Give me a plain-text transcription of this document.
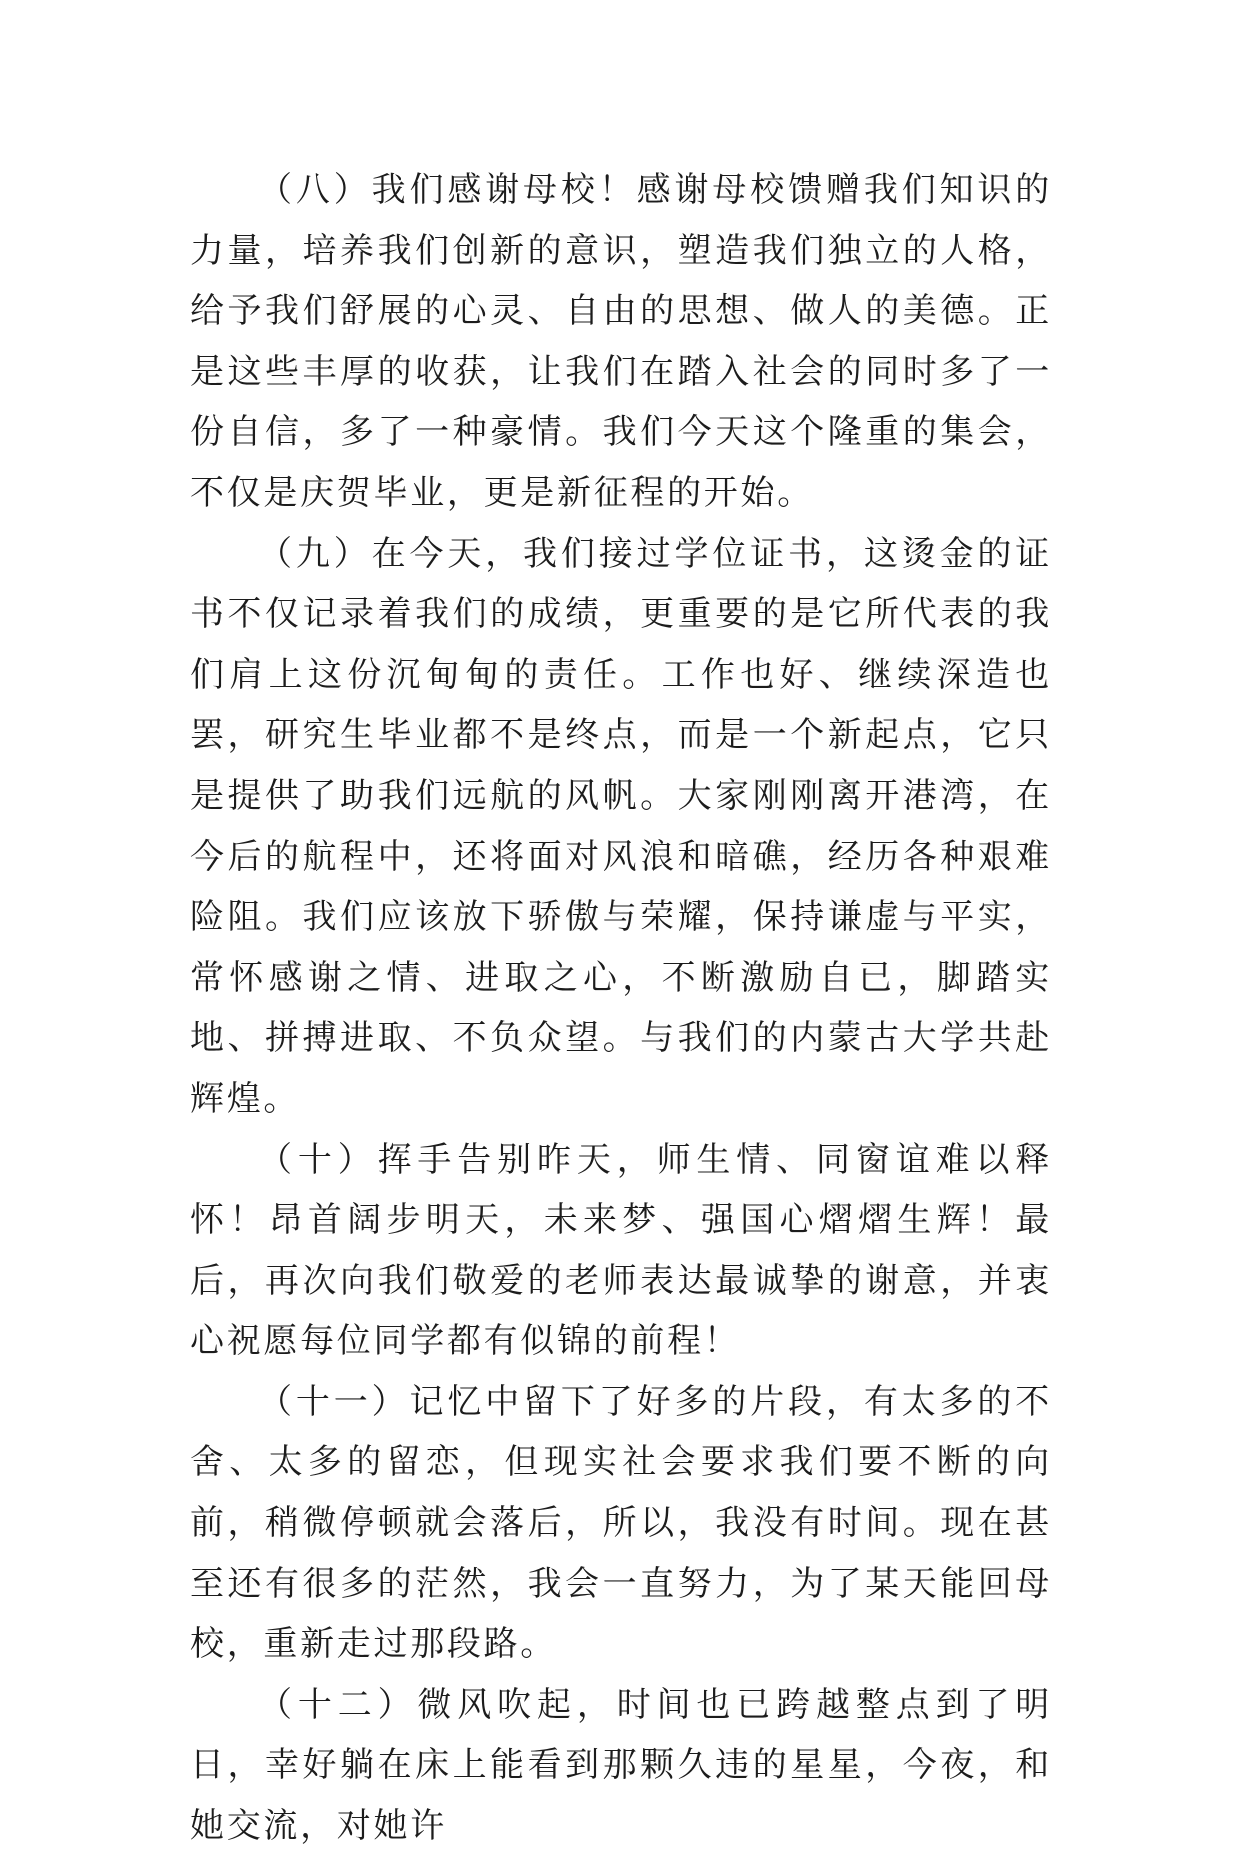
（八）我们感谢母校！感谢母校馈赠我们知识的力量，培养我们创新的意识，塑造我们独立的人格，给予我们舒展的心灵、自由的思想、做人的美德。正是这些丰厚的收获，让我们在踏入社会的同时多了一份自信，多了一种豪情。我们今天这个隆重的集会，不仅是庆贺毕业，更是新征程的开始。

（九）在今天，我们接过学位证书，这烫金的证书不仅记录着我们的成绩，更重要的是它所代表的我们肩上这份沉甸甸的责任。工作也好、继续深造也罢，研究生毕业都不是终点，而是一个新起点，它只是提供了助我们远航的风帆。大家刚刚离开港湾，在今后的航程中，还将面对风浪和暗礁，经历各种艰难险阻。我们应该放下骄傲与荣耀，保持谦虚与平实，常怀感谢之情、进取之心，不断激励自已，脚踏实地、拼搏进取、不负众望。与我们的内蒙古大学共赴辉煌。

（十）挥手告别昨天，师生情、同窗谊难以释怀！昂首阔步明天，未来梦、强国心熠熠生辉！最后，再次向我们敬爱的老师表达最诚挚的谢意，并衷心祝愿每位同学都有似锦的前程！

（十一）记忆中留下了好多的片段，有太多的不舍、太多的留恋，但现实社会要求我们要不断的向前，稍微停顿就会落后，所以，我没有时间。现在甚至还有很多的茫然，我会一直努力，为了某天能回母校，重新走过那段路。

（十二）微风吹起，时间也已跨越整点到了明日，幸好躺在床上能看到那颗久违的星星，今夜，和她交流，对她许
